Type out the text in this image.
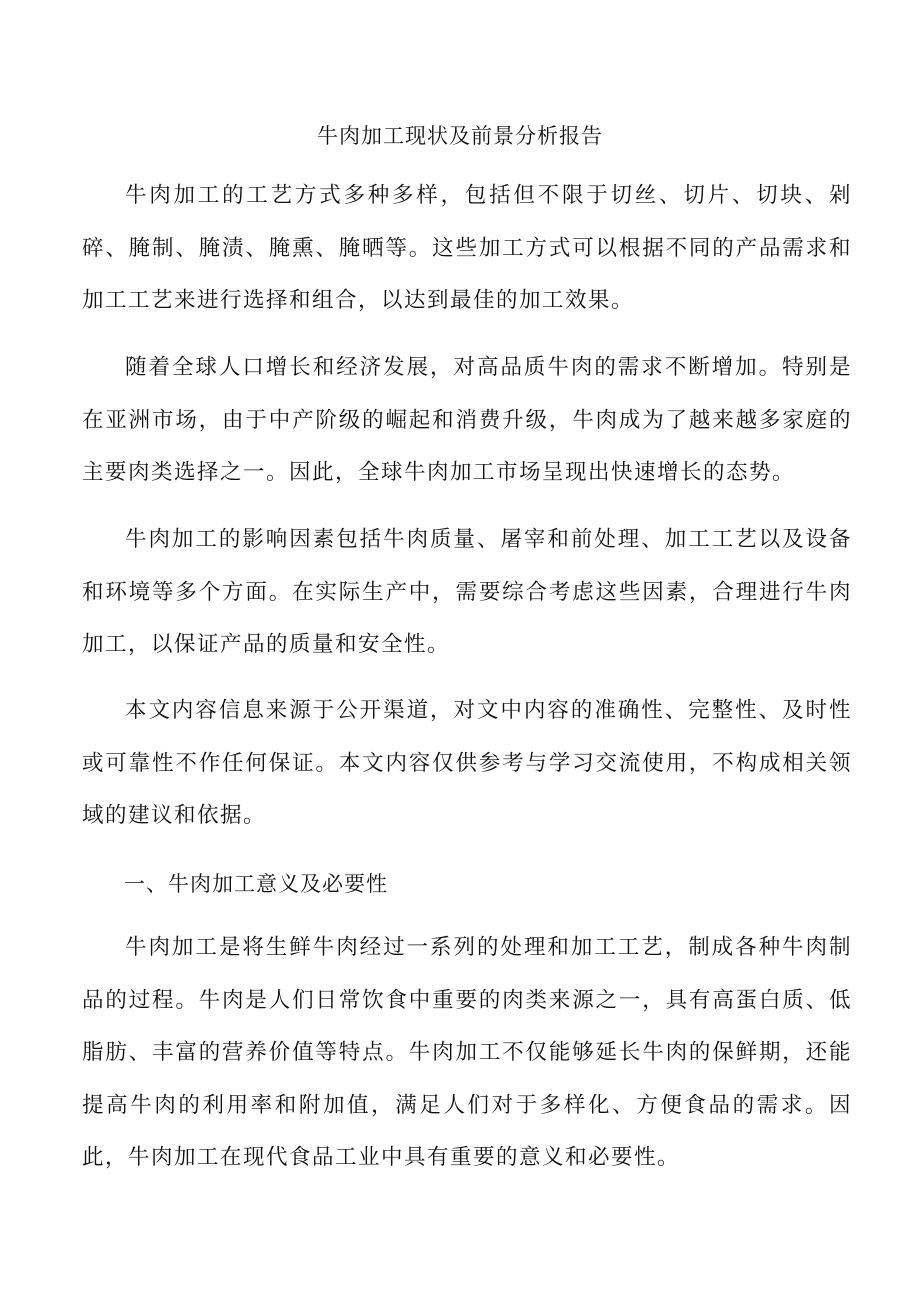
牛肉加工现状及前景分析报告

牛肉加工的工艺方式多种多样，包括但不限于切丝、切片、切块、剁碎、腌制、腌渍、腌熏、腌晒等。这些加工方式可以根据不同的产品需求和加工工艺来进行选择和组合，以达到最佳的加工效果。

随着全球人口增长和经济发展，对高品质牛肉的需求不断增加。特别是在亚洲市场，由于中产阶级的崛起和消费升级，牛肉成为了越来越多家庭的主要肉类选择之一。因此，全球牛肉加工市场呈现出快速增长的态势。

牛肉加工的影响因素包括牛肉质量、屠宰和前处理、加工工艺以及设备和环境等多个方面。在实际生产中，需要综合考虑这些因素，合理进行牛肉加工，以保证产品的质量和安全性。

本文内容信息来源于公开渠道，对文中内容的准确性、完整性、及时性或可靠性不作任何保证。本文内容仅供参考与学习交流使用，不构成相关领域的建议和依据。

一、牛肉加工意义及必要性

牛肉加工是将生鲜牛肉经过一系列的处理和加工工艺，制成各种牛肉制品的过程。牛肉是人们日常饮食中重要的肉类来源之一，具有高蛋白质、低脂肪、丰富的营养价值等特点。牛肉加工不仅能够延长牛肉的保鲜期，还能提高牛肉的利用率和附加值，满足人们对于多样化、方便食品的需求。因此，牛肉加工在现代食品工业中具有重要的意义和必要性。
